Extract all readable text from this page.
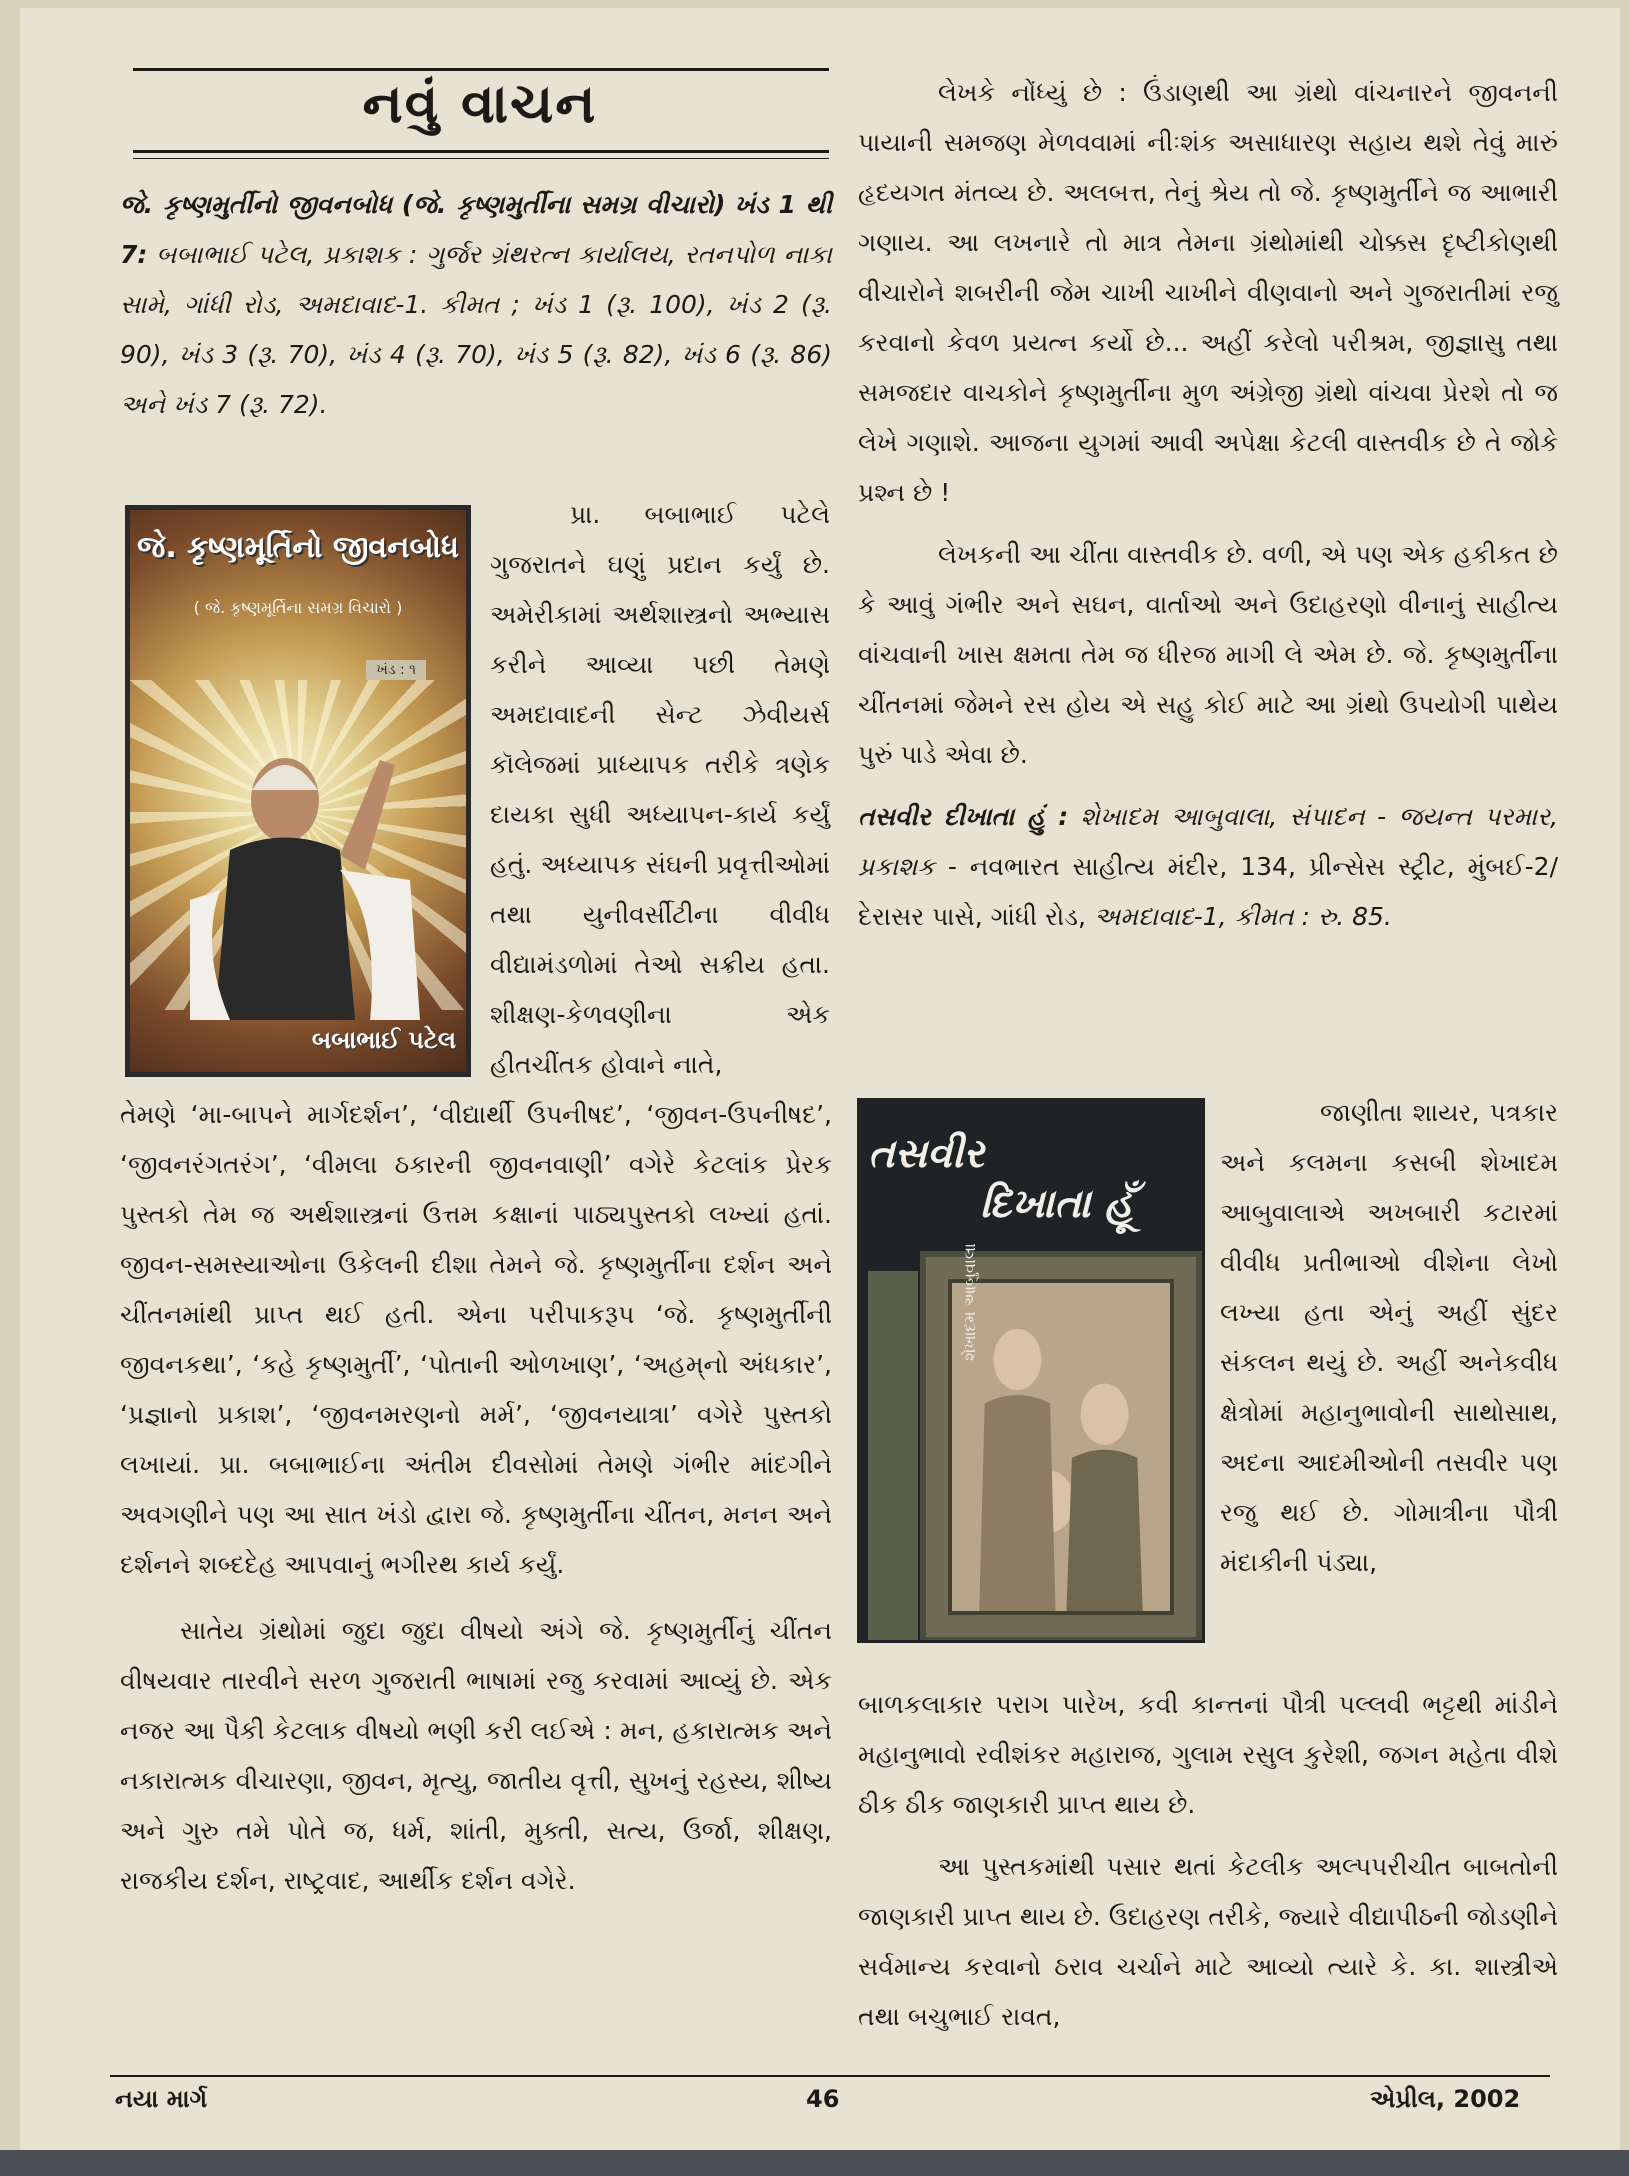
નવું વાચન
જે. કૃષ્ણમુર્તીનો જીવનબોધ (જે. કૃષ્ણમુર્તીના સમગ્ર વીચારો) ખંડ 1 થી 7: બબાભાઈ પટેલ, પ્રકાશક : ગુર્જર ગ્રંથરત્ન કાર્યાલય, રતનપોળ નાકા સામે, ગાંધી રોડ, અમદાવાદ-1. કીમત ; ખંડ 1 (રૂ. 100), ખંડ 2 (રૂ. 90), ખંડ 3 (રૂ. 70), ખંડ 4 (રૂ. 70), ખંડ 5 (રૂ. 82), ખંડ 6 (રૂ. 86) અને ખંડ 7 (રૂ. 72).
જે. કૃષ્ણમૂર્તિનો જીવનબોધ
( જે. કૃષ્ણમૂર્તિના સમગ્ર વિચારો )
ખંડ : ૧
બબાભાઈ પટેલ

પ્રા. બબાભાઈ પટેલે ગુજરાતને ઘણું પ્રદાન કર્યું છે. અમેરીકામાં અર્થશાસ્ત્રનો અભ્યાસ કરીને આવ્યા પછી તેમણે અમદાવાદની સેન્ટ ઝેવીયર્સ કૉલેજમાં પ્રાધ્યાપક તરીકે ત્રણેક દાયકા સુધી અધ્યાપન-કાર્ય કર્યું હતું. અધ્યાપક સંઘની પ્રવૃત્તીઓમાં તથા યુનીવર્સીટીના વીવીધ વીદ્યામંડળોમાં તેઓ સક્રીય હતા. શીક્ષણ-કેળવણીના એક હીતચીંતક હોવાને નાતે,

તેમણે ‘મા-બાપને માર્ગદર્શન’, ‘વીદ્યાર્થી ઉપનીષદ’, ‘જીવન-ઉપનીષદ’, ‘જીવનરંગતરંગ’, ‘વીમલા ઠકારની જીવનવાણી’ વગેરે કેટલાંક પ્રેરક પુસ્તકો તેમ જ અર્થશાસ્ત્રનાં ઉત્તમ કક્ષાનાં પાઠ્યપુસ્તકો લખ્યાં હતાં. જીવન-સમસ્યાઓના ઉકેલની દીશા તેમને જે. કૃષ્ણમુર્તીના દર્શન અને ચીંતનમાંથી પ્રાપ્ત થઈ હતી. એના પરીપાકરૂપ ‘જે. કૃષ્ણમુર્તીની જીવનકથા’, ‘કહે કૃષ્ણમુર્તી’, ‘પોતાની ઓળખાણ’, ‘અહમ્‌નો અંધકાર’, ‘પ્રજ્ઞાનો પ્રકાશ’, ‘જીવનમરણનો મર્મ’, ‘જીવનયાત્રા’ વગેરે પુસ્તકો લખાયાં. પ્રા. બબાભાઈના અંતીમ દીવસોમાં તેમણે ગંભીર માંદગીને અવગણીને પણ આ સાત ખંડો દ્વારા જે. કૃષ્ણમુર્તીના ચીંતન, મનન અને દર્શનને શબ્દદેહ આપવાનું ભગીરથ કાર્ય કર્યું.

સાતેય ગ્રંથોમાં જુદા જુદા વીષયો અંગે જે. કૃષ્ણમુર્તીનું ચીંતન વીષયવાર તારવીને સરળ ગુજરાતી ભાષામાં રજુ કરવામાં આવ્યું છે. એક નજર આ પૈકી કેટલાક વીષયો ભણી કરી લઈએ : મન, હકારાત્મક અને નકારાત્મક વીચારણા, જીવન, મૃત્યુ, જાતીય વૃત્તી, સુખનું રહસ્ય, શીષ્ય અને ગુરુ તમે પોતે જ, ધર્મ, શાંતી, મુક્તી, સત્ય, ઉર્જા, શીક્ષણ, રાજકીય દર્શન, રાષ્ટ્રવાદ, આર્થીક દર્શન વગેરે.

લેખકે નોંધ્યું છે : ઉંડાણથી આ ગ્રંથો વાંચનારને જીવનની પાયાની સમજણ મેળવવામાં નીઃશંક અસાધારણ સહાય થશે તેવું મારું હૃદયગત મંતવ્ય છે. અલબત્ત, તેનું શ્રેય તો જે. કૃષ્ણમુર્તીને જ આભારી ગણાય. આ લખનારે તો માત્ર તેમના ગ્રંથોમાંથી ચોક્કસ દૃષ્ટીકોણથી વીચારોને શબરીની જેમ ચાખી ચાખીને વીણવાનો અને ગુજરાતીમાં રજુ કરવાનો કેવળ પ્રયત્ન કર્યો છે... અહીં કરેલો પરીશ્રમ, જીજ્ઞાસુ તથા સમજદાર વાચકોને કૃષ્ણમુર્તીના મુળ અંગ્રેજી ગ્રંથો વાંચવા પ્રેરશે તો જ લેખે ગણાશે. આજના યુગમાં આવી અપેક્ષા કેટલી વાસ્તવીક છે તે જોકે પ્રશ્ન છે !

લેખકની આ ચીંતા વાસ્તવીક છે. વળી, એ પણ એક હકીકત છે કે આવું ગંભીર અને સઘન, વાર્તાઓ અને ઉદાહરણો વીનાનું સાહીત્ય વાંચવાની ખાસ ક્ષમતા તેમ જ ધીરજ માગી લે એમ છે. જે. કૃષ્ણમુર્તીના ચીંતનમાં જેમને રસ હોય એ સહુ કોઈ માટે આ ગ્રંથો ઉપયોગી પાથેય પુરું પાડે એવા છે.

તસવીર દીખાતા હું : શેખાદમ આબુવાલા, સંપાદન - જયન્ત પરમાર, પ્રકાશક - નવભારત સાહીત્ય મંદીર, 134, પ્રીન્સેસ સ્ટ્રીટ, મુંબઈ-2/દેરાસર પાસે, ગાંધી રોડ, અમદાવાદ-1, કીમત : રુ. 85.

તસવીર
દિખાતા હૂઁ
શેખાદમ આબુવાલા

જાણીતા શાયર, પત્રકાર અને કલમના કસબી શેખાદમ આબુવાલાએ અખબારી કટારમાં વીવીધ પ્રતીભાઓ વીશેના લેખો લખ્યા હતા એનું અહીં સુંદર સંકલન થયું છે. અહીં અનેકવીધ ક્ષેત્રોમાં મહાનુભાવોની સાથોસાથ, અદના આદમીઓની તસવીર પણ રજુ થઈ છે. ગોમાત્રીના પૌત્રી મંદાકીની પંડ્યા,

બાળકલાકાર પરાગ પારેખ, કવી કાન્તનાં પૌત્રી પલ્લવી ભટ્ટથી માંડીને મહાનુભાવો રવીશંકર મહારાજ, ગુલામ રસુલ કુરેશી, જગન મહેતા વીશે ઠીક ઠીક જાણકારી પ્રાપ્ત થાય છે.

આ પુસ્તકમાંથી પસાર થતાં કેટલીક અલ્પપરીચીત બાબતોની જાણકારી પ્રાપ્ત થાય છે. ઉદાહરણ તરીકે, જ્યારે વીદ્યાપીઠની જોડણીને સર્વમાન્ય કરવાનો ઠરાવ ચર્ચાને માટે આવ્યો ત્યારે કે. કા. શાસ્ત્રીએ તથા બચુભાઈ રાવત,

નયા માર્ગ	46	એપ્રીલ, 2002
